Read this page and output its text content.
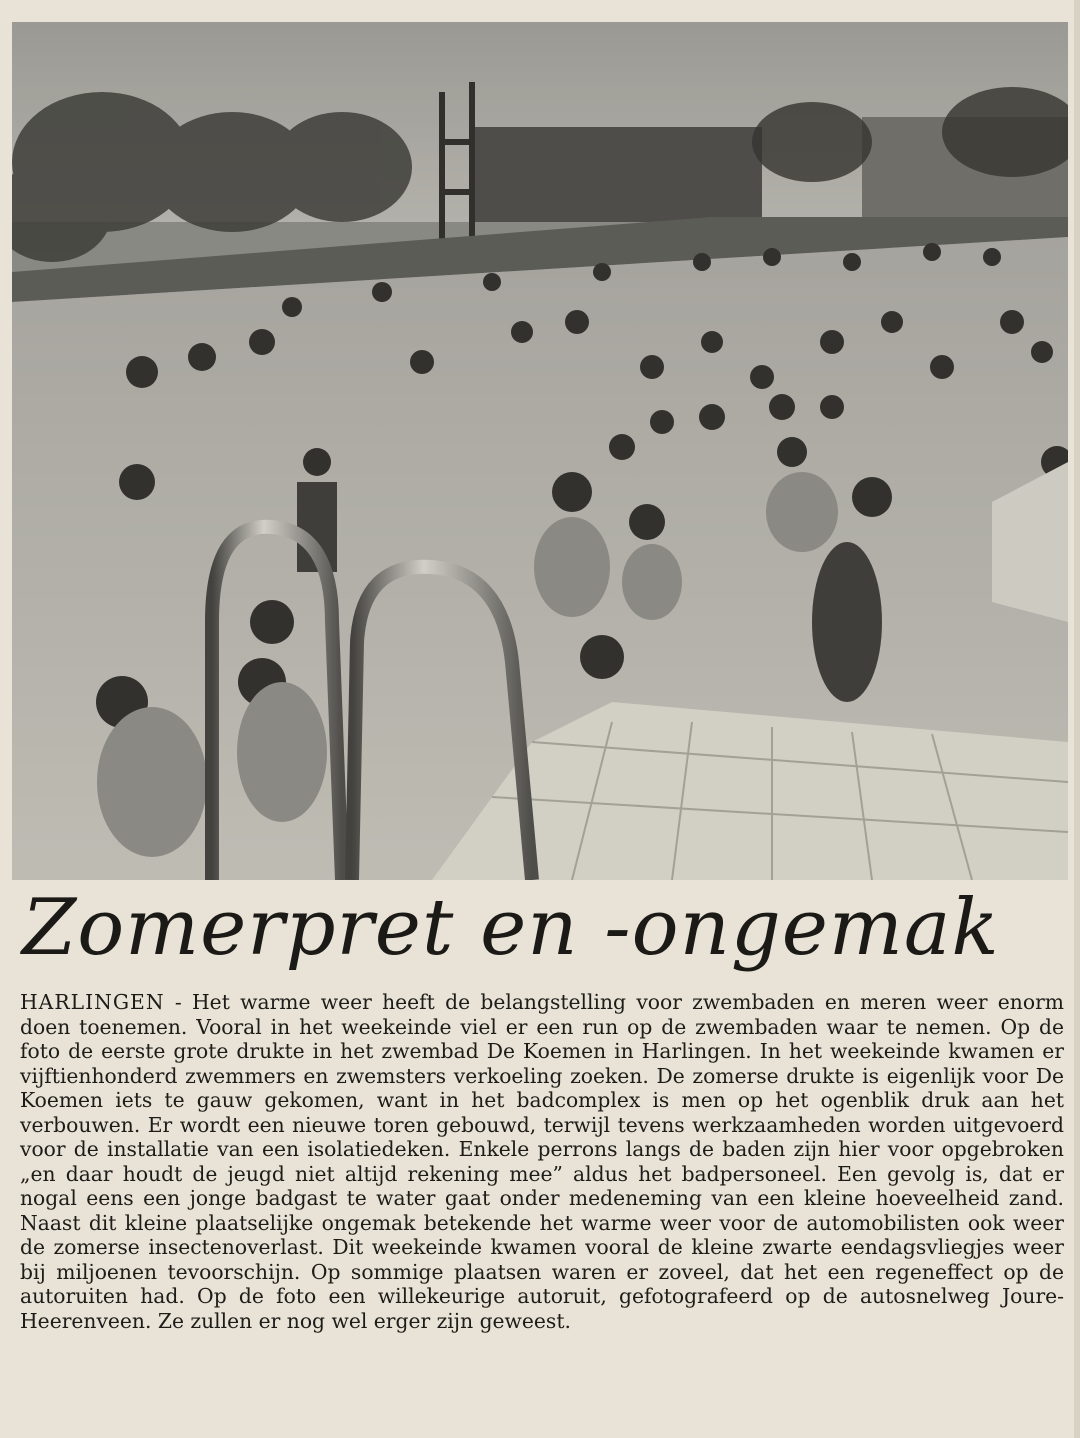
Zomerpret en -ongemak

HARLINGEN - Het warme weer heeft de belangstelling voor zwembaden en meren weer enorm doen toenemen. Vooral in het weekeinde viel er een run op de zwembaden waar te nemen. Op de foto de eerste grote drukte in het zwembad De Koemen in Harlingen. In het weekeinde kwamen er vijftienhonderd zwemmers en zwemsters verkoeling zoeken. De zomerse drukte is eigenlijk voor De Koemen iets te gauw gekomen, want in het badcomplex is men op het ogenblik druk aan het verbouwen. Er wordt een nieuwe toren gebouwd, terwijl tevens werkzaamheden worden uitgevoerd voor de installatie van een isolatiedeken. Enkele perrons langs de baden zijn hier voor opgebroken „en daar houdt de jeugd niet altijd rekening mee” aldus het badpersoneel. Een gevolg is, dat er nogal eens een jonge badgast te water gaat onder medeneming van een kleine hoeveelheid zand. Naast dit kleine plaatselijke ongemak betekende het warme weer voor de automobilisten ook weer de zomerse insectenoverlast. Dit weekeinde kwamen vooral de kleine zwarte eendagsvliegjes weer bij miljoenen tevoorschijn. Op sommige plaatsen waren er zoveel, dat het een regeneffect op de autoruiten had. Op de foto een willekeurige autoruit, gefotografeerd op de autosnelweg Joure-Heerenveen. Ze zullen er nog wel erger zijn geweest.
